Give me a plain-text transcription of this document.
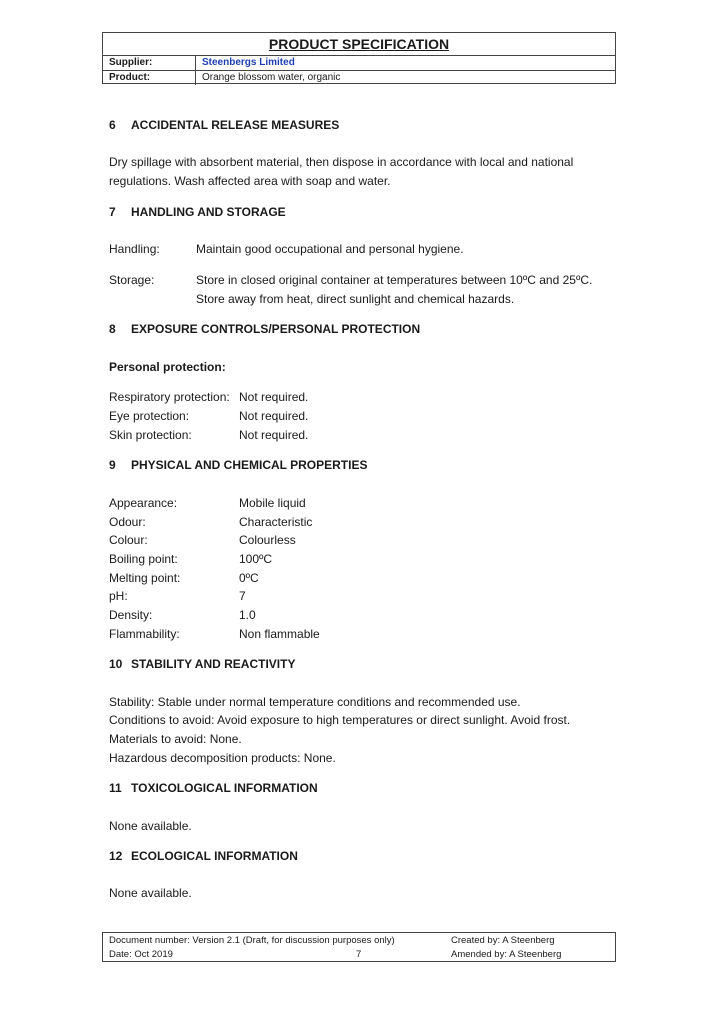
PRODUCT SPECIFICATION
Supplier:	Steenbergs Limited
Product:	Orange blossom water, organic
6 ACCIDENTAL RELEASE MEASURES
Dry spillage with absorbent material, then dispose in accordance with local and national
regulations. Wash affected area with soap and water.
7 HANDLING AND STORAGE
Handling:	Maintain good occupational and personal hygiene.
Storage:	Store in closed original container at temperatures between 10ºC and 25ºC.
Store away from heat, direct sunlight and chemical hazards.
8 EXPOSURE CONTROLS/PERSONAL PROTECTION
Personal protection:
Respiratory protection: Not required.
Eye protection:	Not required.
Skin protection:	Not required.
9 PHYSICAL AND CHEMICAL PROPERTIES
Appearance:	Mobile liquid
Odour:	Characteristic
Colour:	Colourless
Boiling point:	100ºC
Melting point:	0ºC
pH:	7
Density:	1.0
Flammability:	Non flammable
10 STABILITY AND REACTIVITY
Stability: Stable under normal temperature conditions and recommended use.
Conditions to avoid: Avoid exposure to high temperatures or direct sunlight. Avoid frost.
Materials to avoid: None.
Hazardous decomposition products: None.
11 TOXICOLOGICAL INFORMATION
None available.
12 ECOLOGICAL INFORMATION
None available.
Document number: Version 2.1 (Draft, for discussion purposes only)
Date: Oct 2019	7
Created by: A Steenberg
Amended by: A Steenberg
